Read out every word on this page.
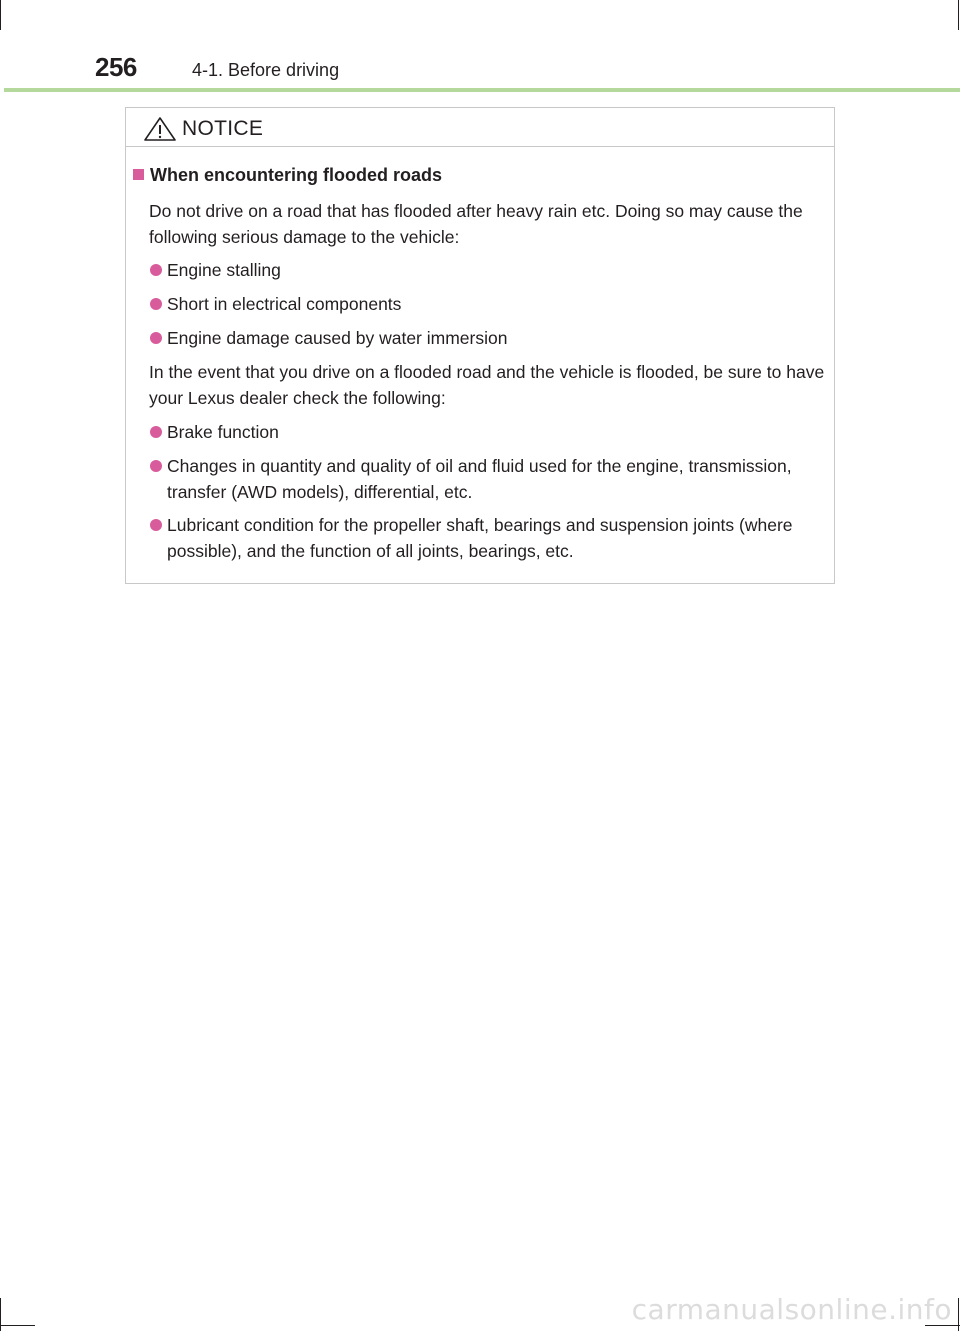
256	4-1. Before driving
NOTICE
When encountering flooded roads
Do not drive on a road that has flooded after heavy rain etc. Doing so may cause the following serious damage to the vehicle:
Engine stalling
Short in electrical components
Engine damage caused by water immersion
In the event that you drive on a flooded road and the vehicle is flooded, be sure to have your Lexus dealer check the following:
Brake function
Changes in quantity and quality of oil and fluid used for the engine, transmission, transfer (AWD models), differential, etc.
Lubricant condition for the propeller shaft, bearings and suspension joints (where possible), and the function of all joints, bearings, etc.
carmanualsonline.info
